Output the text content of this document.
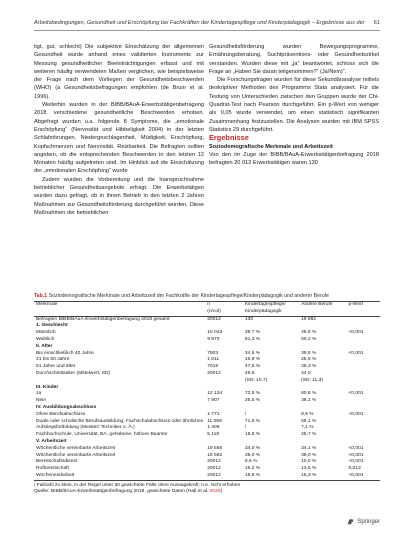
Arbeitsbedingungen, Gesundheit und Erschöpfung bei Fachkräften der Kindertagespflege und Kinderpädagogik – Ergebnisse aus der 61

tigt, gut, schlecht) Die subjektive Einschätzung der allgemeinen Gesundheit wurde anhand eines validierten Instruments zur Messung gesundheitlicher Beeinträchtigungen erfasst und mit weiteren häufig verwendeten Maßen verglichen, wie beispielsweise der Frage nach dem Vorliegen der Gesundheitsbeschwerden (WHO) (a Gesundheitsbefragungen empfohlen (de Bruin et al. 1996).

Weiterhin wurden in der BIBB/BAuA-Erwerbstätigenbefragung 2018 verschiedene gesundheitliche Beschwerden erhoben. Abgefragt wurden u.a. folgende 8 Symptome, die „emotionale Erschöpfung“ (Nervosität und Hibbeligkeit 2004) in der letzten Schlafstörungen, Niedergeschlagenheit, Müdigkeit, Erschöpfung, Kopfschmerzen und Nervosität, Reizbarkeit. Die Befragten sollten angeben, ob die entsprechenden Beschwerden in den letzten 12 Monaten häufig aufgetreten sind. Im Hinblick auf die Einschätzung der „emotionalen Erschöpfung“ wurde

Zudem wurden die Vorbereitung und die Inanspruchnahme betrieblicher Gesundheitsangebote erfragt. Die Erwerbstätigen wurden dazu gefragt, ob in ihrem Betrieb in den letzten 2 Jahren Maßnahmen zur Gesundheitsförderung durchgeführt wurden. Diese Maßnahmen der betrieblichen

Gesundheitsförderung wurden Bewegungsprogramme, Ernährungsberatung, Suchtpräventions- oder Gesundheitszirkel verstanden. Wurden diese mit „ja“ beantwortet, schloss sich die Frage an „Haben Sie daran teilgenommen?“ (Ja/Nein)“.

Die Forschungsfragen wurden für diese Sekundäranalyse mittels deskriptiver Methoden des Programms Stata analysiert. Für die Testung von Unterschieden zwischen den Gruppen wurde der Chi-Quadrat-Test nach Pearson durchgeführt. Ein p-Wert von weniger als 0,05 wurde verwendet, um einen statistisch signifikanten Zusammenhang festzustellen. Die Analysen wurden mit IBM SPSS Statistics 29 durchgeführt.

Ergebnisse

Soziodemografische Merkmale und Arbeitszeit

Von den im Zuge der BIBB/BAuA-Erwerbstätigenbefragung 2018 befragten 20 012 Erwerbstätigen waren 130

Tab.1 Soziodemografische Merkmale und Arbeitszeit der Fachkräfte der Kindertagespflege/Kinderpädagogik und anderer Berufe
Merkmale	n
(n/col)	Kindertagespflege/ Kinderpädagogik	Andere Berufe	p-Wert
Befragten BIBB/BAuA-Erwerbstätigenbefragung 2018 gesamt	20012	130	19 882	
1. Geschlecht				
Männlich	10 043	38,7 %	49,8 %	<0,001
Weiblich	9 970	61,3 %	50,2 %	
II. Alter				
Bis einschließlich 40 Jahre	7903	34,6 %	39,8 %	<0,001
41 bis 50 Jahre	1 011	16,9 %	25,5 %	
51 Jahre und älter	7019	47,6 %	35,3 %	
Durchschnittsalter (Mittelwert, SD)	20012	46,6	44,0	
		(SD: 10,7)	(SD: 11,3)	
III. Kinder				
Ja	12 134	73,5 %	60,8 %	<0,001
Nein	7 907	26,5 %	39,2 %	
IV. Ausbildungsabschluss				
Ohne Berufsabschluss	1 771	/	8,9 %	<0,001
Duale oder schulische Berufsausbildung, Fachschulabschluss oder ähnliches	11 059	71,5 %	55,1 %	
Aufstiegsfortbildung (Meister/ Techniker o. Ä.)	1 406	/	7,1 %	
Fachhochschule, Universität, BA, gehobene, höhere Beamte	5 118	15,5 %	25,7 %	
V. Arbeitszeit				
Wöchentliche vereinbarte Arbeitszeit	19 566	34,0 %	34,1 %	<0,001
Wöchentliche vereinbarte Arbeitszeit	19 582	39,0 %	38,0 %	<0,001
Bereitschaftsdienst	20012	8,6 %	10,0 %	<0,001
Rufbereitschaft	20012	16,2 %	13,5 %	0,013
Wochenendarbeit	20012	18,5 %	15,3 %	<0,001
/ Fallzahl zu klein, in der Regel unter 30 gewichtete Fälle ohne Aussagekraft; n.e. nicht erhoben
Quelle: BIBB/BAuA-Erwerbstätigenbefragung 2018, gewichtete Daten (Hall et al. 2020)
Springer
